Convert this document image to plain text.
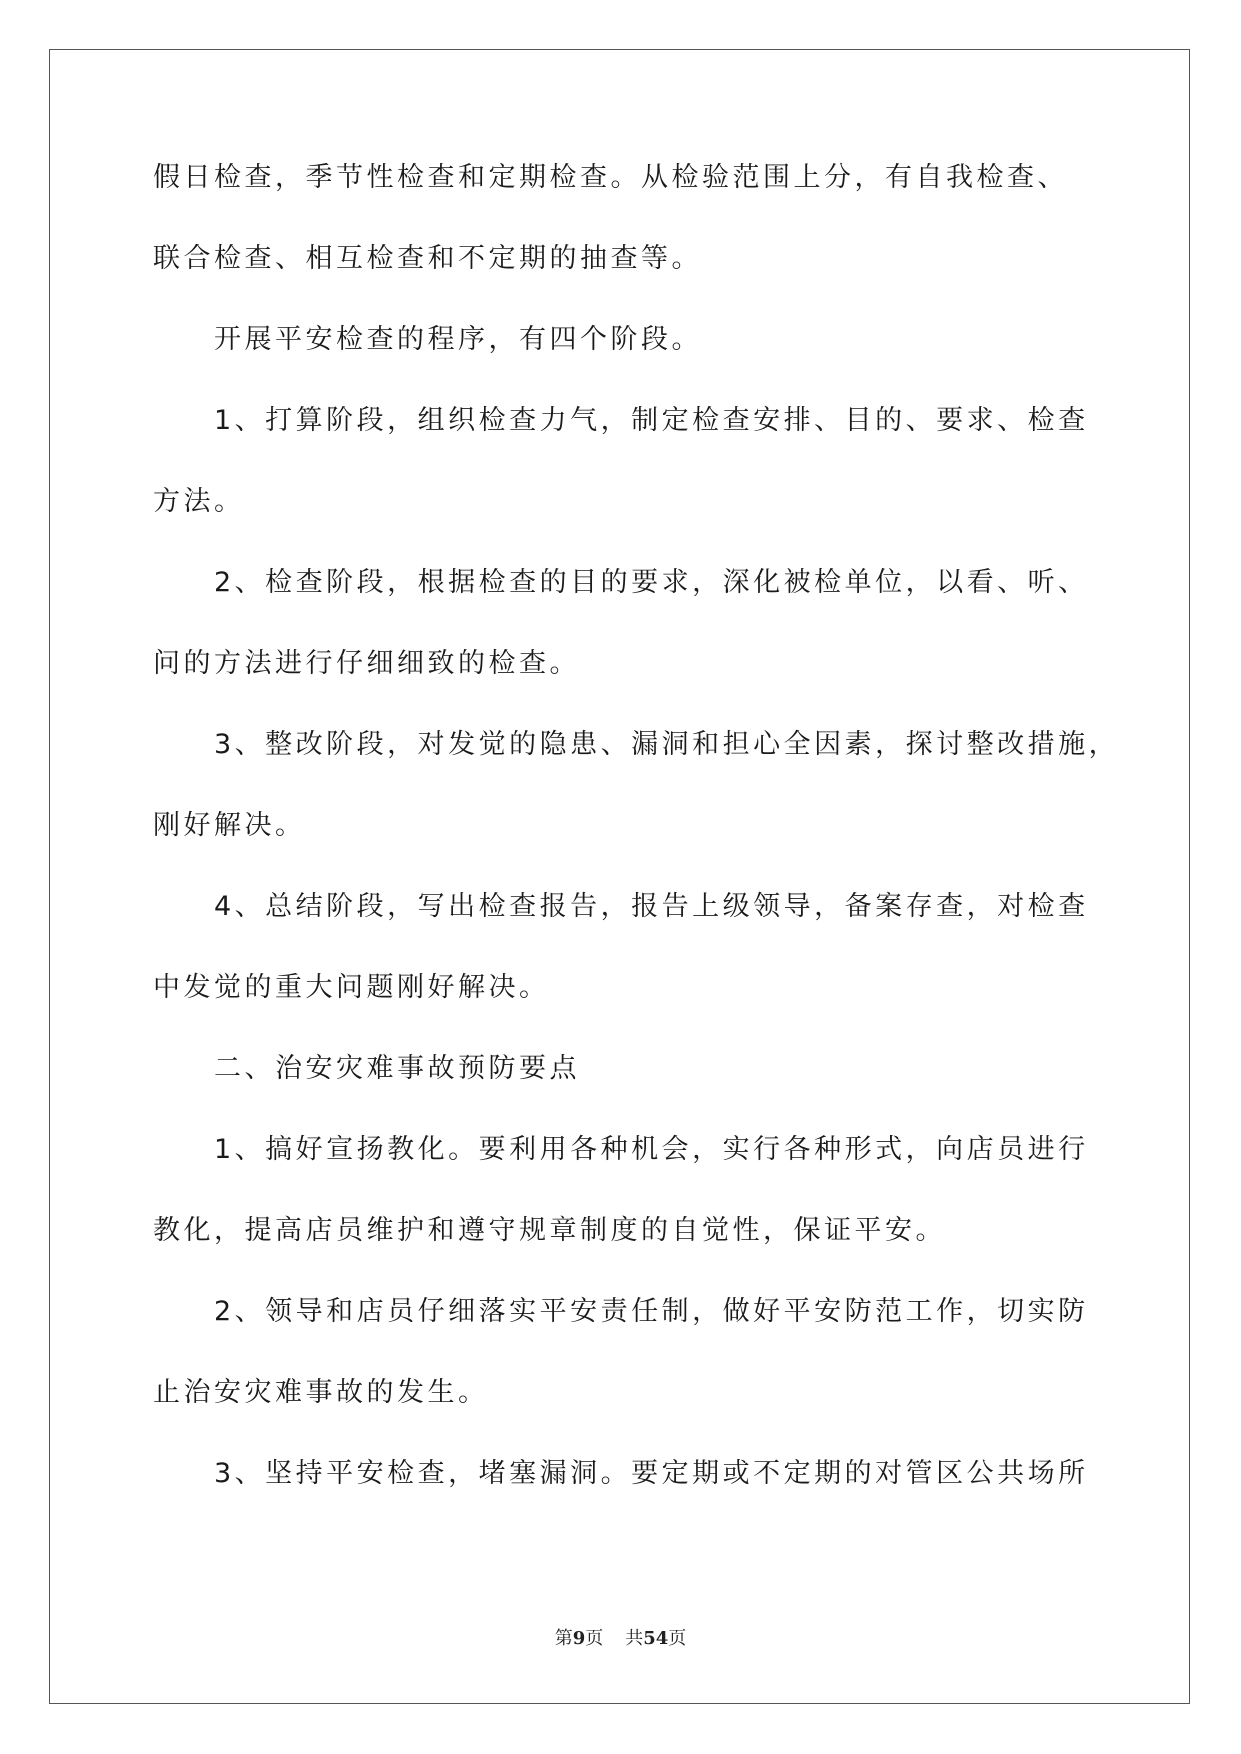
假日检查，季节性检查和定期检查。从检验范围上分，有自我检查、
联合检查、相互检查和不定期的抽查等。
开展平安检查的程序，有四个阶段。
1、打算阶段，组织检查力气，制定检查安排、目的、要求、检查
方法。
2、检查阶段，根据检查的目的要求，深化被检单位，以看、听、
问的方法进行仔细细致的检查。
3、整改阶段，对发觉的隐患、漏洞和担心全因素，探讨整改措施，
刚好解决。
4、总结阶段，写出检查报告，报告上级领导，备案存查，对检查
中发觉的重大问题刚好解决。
二、治安灾难事故预防要点
1、搞好宣扬教化。要利用各种机会，实行各种形式，向店员进行
教化，提高店员维护和遵守规章制度的自觉性，保证平安。
2、领导和店员仔细落实平安责任制，做好平安防范工作，切实防
止治安灾难事故的发生。
3、坚持平安检查，堵塞漏洞。要定期或不定期的对管区公共场所
第9页 共54页
